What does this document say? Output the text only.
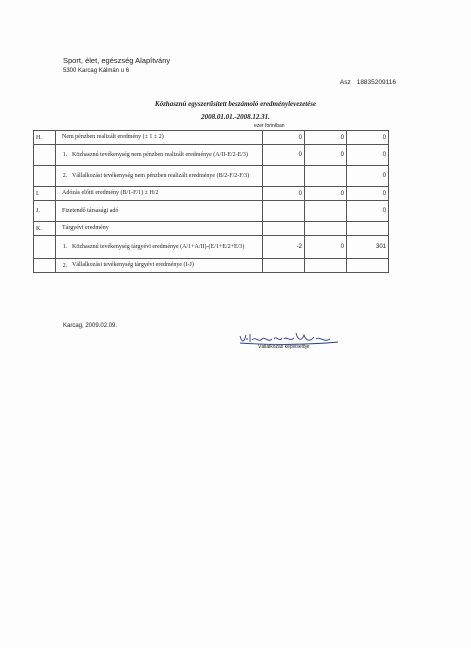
Sport, élet, egészség Alapítvány
5300 Karcag Kálmán u 6
Asz 18835209116
Közhasznú egyszerűsített beszámoló eredménylevezetése
2008.01.01.-2008.12.31.
ezer forintban
H.	Nem pénzben realizált eredmény (± 1 ± 2)	0	0	0

	1. Közhasznú tevékenység nem pénzben realizált eredménye (A/II-E/2-E/3)	0	0	0

	2. Vállalkozási tevékenység nem pénzben realizált eredménye (B/2-F/2-F/3)			0
I.	Adózás előtti eredmény (B/1-F/1) ± H/2	0	0	0
J.	Fizetendő társasági adó			0
K.	Tárgyévi eredmény			

	1. Közhasznú tevékenység tárgyévi eredménye (A/1+A/II)-(E/1+E/2+E/3)	-2	0	301

	2. Vállalkozási tevékenység tárgyévi eredménye (I-J)			

Karcag, 2009.02.09.
Vállalkozás képviselője
